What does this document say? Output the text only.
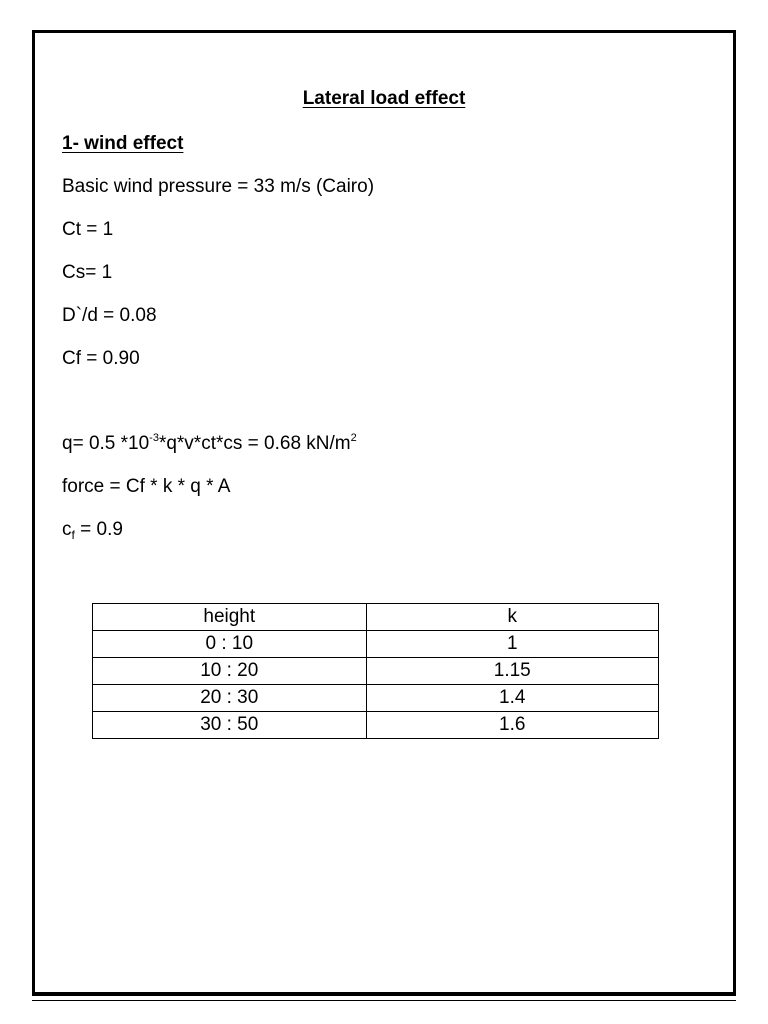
Lateral load effect
1- wind effect
Basic wind pressure = 33 m/s (Cairo)
Ct = 1
Cs= 1
D`/d = 0.08
Cf = 0.90
q= 0.5 $*10^{-3}*q*v*ct*cs = 0.68$ $kN/m^2$
force = Cf * k * q * A
$c_f = 0.9$
height	k
0 : 10	1
10 : 20	1.15
20 : 30	1.4
30 : 50	1.6
